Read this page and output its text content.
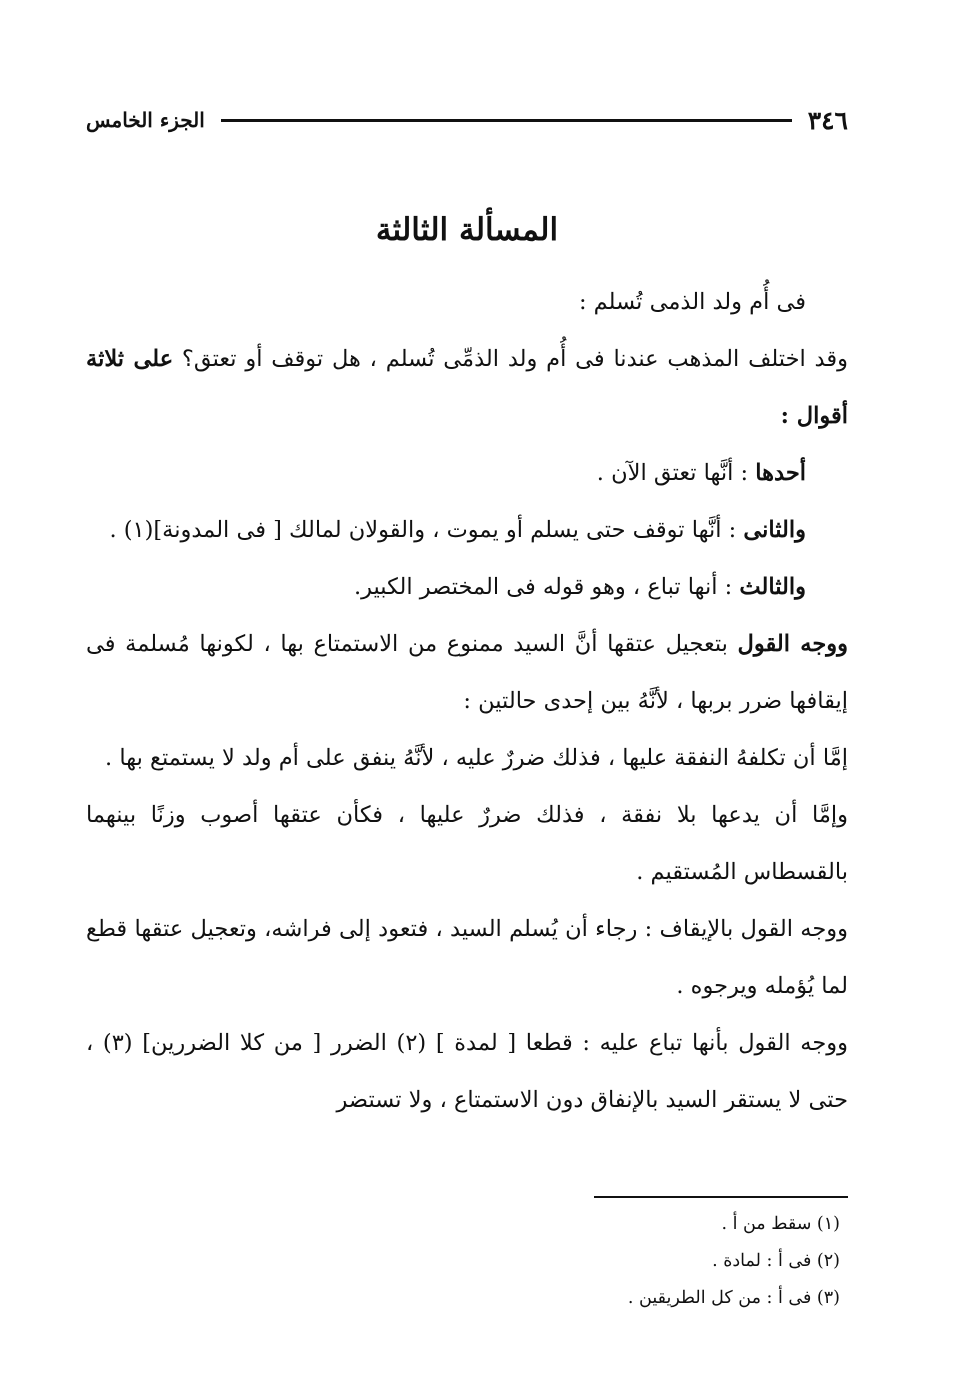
٣٤٦
الجزء الخامس
المسألة الثالثة

فى أُم ولد الذمى تُسلم :

وقد اختلف المذهب عندنا فى أُم ولد الذمِّى تُسلم ، هل توقف أو تعتق؟ على ثلاثة أقوال :

أحدها : أنَّها تعتق الآن .

والثانى : أنَّها توقف حتى يسلم أو يموت ، والقولان لمالك [ فى المدونة](١) .

والثالث : أنها تباع ، وهو قوله فى المختصر الكبير.

ووجه القول بتعجيل عتقها أنَّ السيد ممنوع من الاستمتاع بها ، لكونها مُسلمة فى إيقافها ضرر بربها ، لأنَّهُ بين إحدى حالتين :

إمَّا أن تكلفهُ النفقة عليها ، فذلك ضررٌ عليه ، لأنَّهُ ينفق على أم ولد لا يستمتع بها .

وإمَّا أن يدعها بلا نفقة ، فذلك ضررٌ عليها ، فكأن عتقها أصوب وزنًا بينهما بالقسطاس المُستقيم .

ووجه القول بالإيقاف : رجاء أن يُسلم السيد ، فتعود إلى فراشه، وتعجيل عتقها قطع لما يُؤمله ويرجوه .

ووجه القول بأنها تباع عليه : قطعا [ لمدة ] (٢) الضرر [ من كلا الضررين] (٣) ، حتى لا يستقر السيد بالإنفاق دون الاستمتاع ، ولا تستضر

(١) سقط من أ .

(٢) فى أ : لمادة .

(٣) فى أ : من كل الطريقين .
